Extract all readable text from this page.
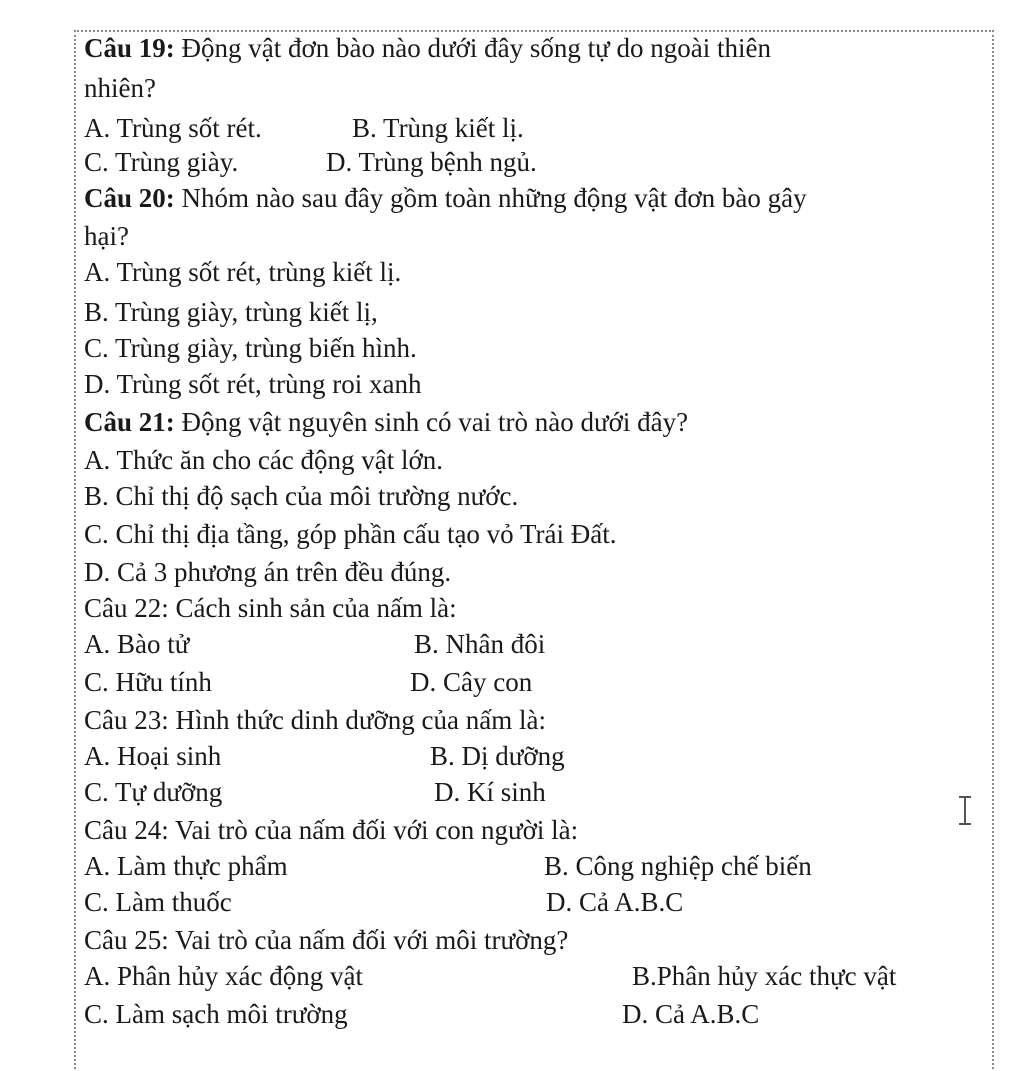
Câu 19: Động vật đơn bào nào dưới đây sống tự do ngoài thiên
nhiên?
A. Trùng sốt rét.	B. Trùng kiết lị.
C. Trùng giày.	D. Trùng bệnh ngủ.
Câu 20: Nhóm nào sau đây gồm toàn những động vật đơn bào gây
hại?
A. Trùng sốt rét, trùng kiết lị.
B. Trùng giày, trùng kiết lị,
C. Trùng giày, trùng biến hình.
D. Trùng sốt rét, trùng roi xanh
Câu 21: Động vật nguyên sinh có vai trò nào dưới đây?
A. Thức ăn cho các động vật lớn.
B. Chỉ thị độ sạch của môi trường nước.
C. Chỉ thị địa tầng, góp phần cấu tạo vỏ Trái Đất.
D. Cả 3 phương án trên đều đúng.
Câu 22: Cách sinh sản của nấm là:
A. Bào tử	B. Nhân đôi
C. Hữu tính	D. Cây con
Câu 23: Hình thức dinh dưỡng của nấm là:
A. Hoại sinh	B. Dị dưỡng
C. Tự dưỡng	D. Kí sinh
Câu 24: Vai trò của nấm đối với con người là:
A. Làm thực phẩm	B. Công nghiệp chế biến
C. Làm thuốc	D. Cả A.B.C
Câu 25: Vai trò của nấm đối với môi trường?
A. Phân hủy xác động vật	B.Phân hủy xác thực vật
C. Làm sạch môi trường	D. Cả A.B.C
